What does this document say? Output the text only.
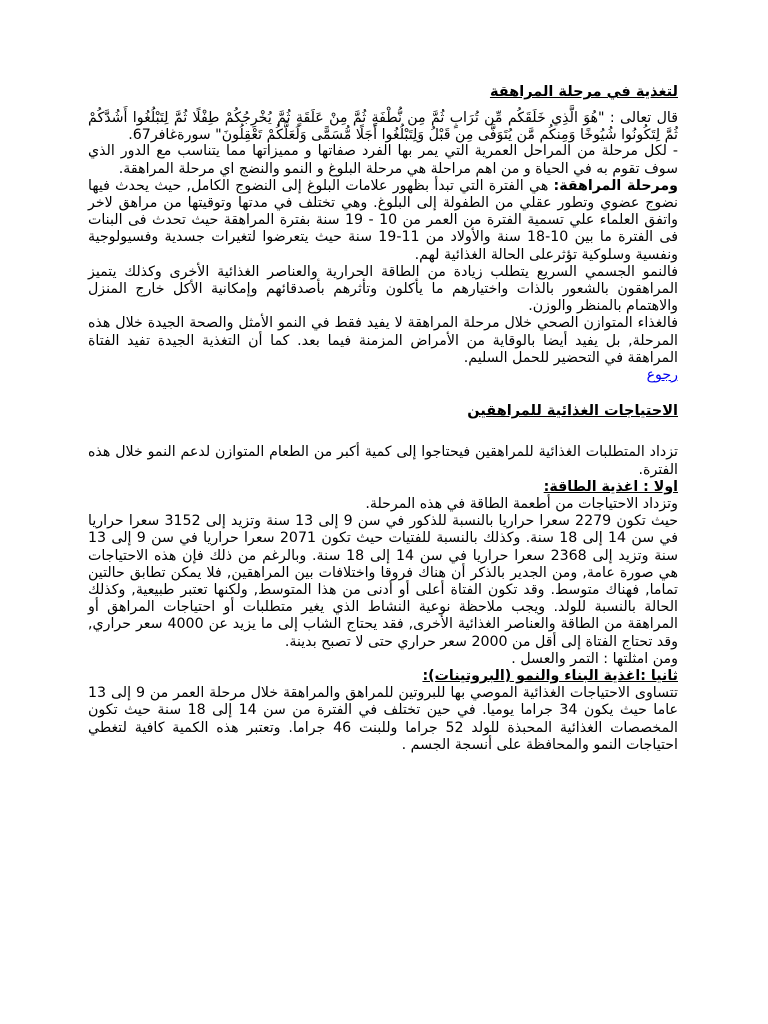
لتغذية في مرحلة المراهقة

قال تعالى : "هُوَ الَّذِي خَلَقَكُم مِّن تُرَابٍ ثُمَّ مِن نُّطْفَةٍ ثُمَّ مِنْ عَلَقَةٍ ثُمَّ يُخْرِجُكُمْ طِفْلًا ثُمَّ لِتَبْلُغُوا أَشُدَّكُمْ ثُمَّ لِتَكُونُوا شُيُوخًا وَمِنكُم مَّن يُتَوَفَّى مِن قَبْلُ وَلِتَبْلُغُوا أَجَلًا مُّسَمًّى وَلَعَلَّكُمْ تَعْقِلُونَ" سورةغافر67.

- لكل مرحلة من المراحل العمرية التي يمر بها الفرد صفاتها و مميزاتها مما يتناسب مع الدور الذي سوف تقوم به في الحياة و من اهم مراحلة هي مرحلة البلوغ و النمو والنضج اي مرحلة المراهقة.

ومرحلة المراهقة: هي الفترة التي تبدأ بظهور علامات البلوغ إلى النضوج الكامل, حيث يحدث فيها نضوج عضوي وتطور عقلي من الطفولة إلى البلوغ. وهي تختلف في مدتها وتوقيتها من مراهق لاخر واتفق العلماء علي تسمية الفترة من العمر من 10 - 19 سنة بفترة المراهقة حيث تحدث فى البنات فى الفترة ما بين 10-18 سنة والأولاد من 11-19 سنة حيث يتعرضوا لتغيرات جسدية وفسيولوجية ونفسية وسلوكية تؤثرعلى الحالة الغذائية لهم.

فالنمو الجسمي السريع يتطلب زيادة من الطاقة الحرارية والعناصر الغذائية الأخرى وكذلك يتميز المراهقون بالشعور بالذات واختيارهم ما يأكلون وتأثرهم بأصدقائهم وإمكانية الأكل خارج المنزل والاهتمام بالمنظر والوزن.

فالغذاء المتوازن الصحي خلال مرحلة المراهقة لا يفيد فقط في النمو الأمثل والصحة الجيدة خلال هذه المرحلة, بل يفيد أيضا بالوقاية من الأمراض المزمنة فيما بعد. كما أن التغذية الجيدة تفيد الفتاة المراهقة في التحضير للحمل السليم.

رجوع

الاحتياجات الغذائية للمراهقين

تزداد المتطلبات الغذائية للمراهقين فيحتاجوا إلى كمية أكبر من الطعام المتوازن لدعم النمو خلال هذه الفترة.

اولا : اغذية الطاقة:

وتزداد الاحتياجات من أطعمة الطاقة في هذه المرحلة.

حيث تكون 2279 سعرا حراريا بالنسبة للذكور في سن 9 إلى 13 سنة وتزيد إلى 3152 سعرا حراريا في سن 14 إلى 18 سنة. وكذلك بالنسبة للفتيات حيث تكون 2071 سعرا حراريا في سن 9 إلى 13 سنة وتزيد إلى 2368 سعرا حراريا في سن 14 إلى 18 سنة. وبالرغم من ذلك فإن هذه الاحتياجات هي صورة عامة, ومن الجدير بالذكر أن هناك فروقا واختلافات بين المراهقين, فلا يمكن تطابق حالتين تماما, فهناك متوسط. وقد تكون الفتاة أعلى أو أدنى من هذا المتوسط, ولكنها تعتبر طبيعية, وكذلك الحالة بالنسبة للولد. ويجب ملاحظة نوعية النشاط الذي يغير متطلبات أو احتياجات المراهق أو المراهقة من الطاقة والعناصر الغذائية الأخرى, فقد يحتاج الشاب إلى ما يزيد عن 4000 سعر حراري, وقد تحتاج الفتاة إلى أقل من 2000 سعر حراري حتى لا تصبح بدينة.

ومن امثلتها : التمر والعسل .

ثانيا :اغذية البناء والنمو (البروتينات):

تتساوى الاحتياجات الغذائية الموصي بها للبروتين للمراهق والمراهقة خلال مرحلة العمر من 9 إلى 13 عاما حيث يكون 34 جراما يوميا. في حين تختلف في الفترة من سن 14 إلى 18 سنة حيث تكون المخصصات الغذائية المحبذة للولد 52 جراما وللبنت 46 جراما. وتعتبر هذه الكمية كافية لتغطي احتياجات النمو والمحافظة على أنسجة الجسم .
